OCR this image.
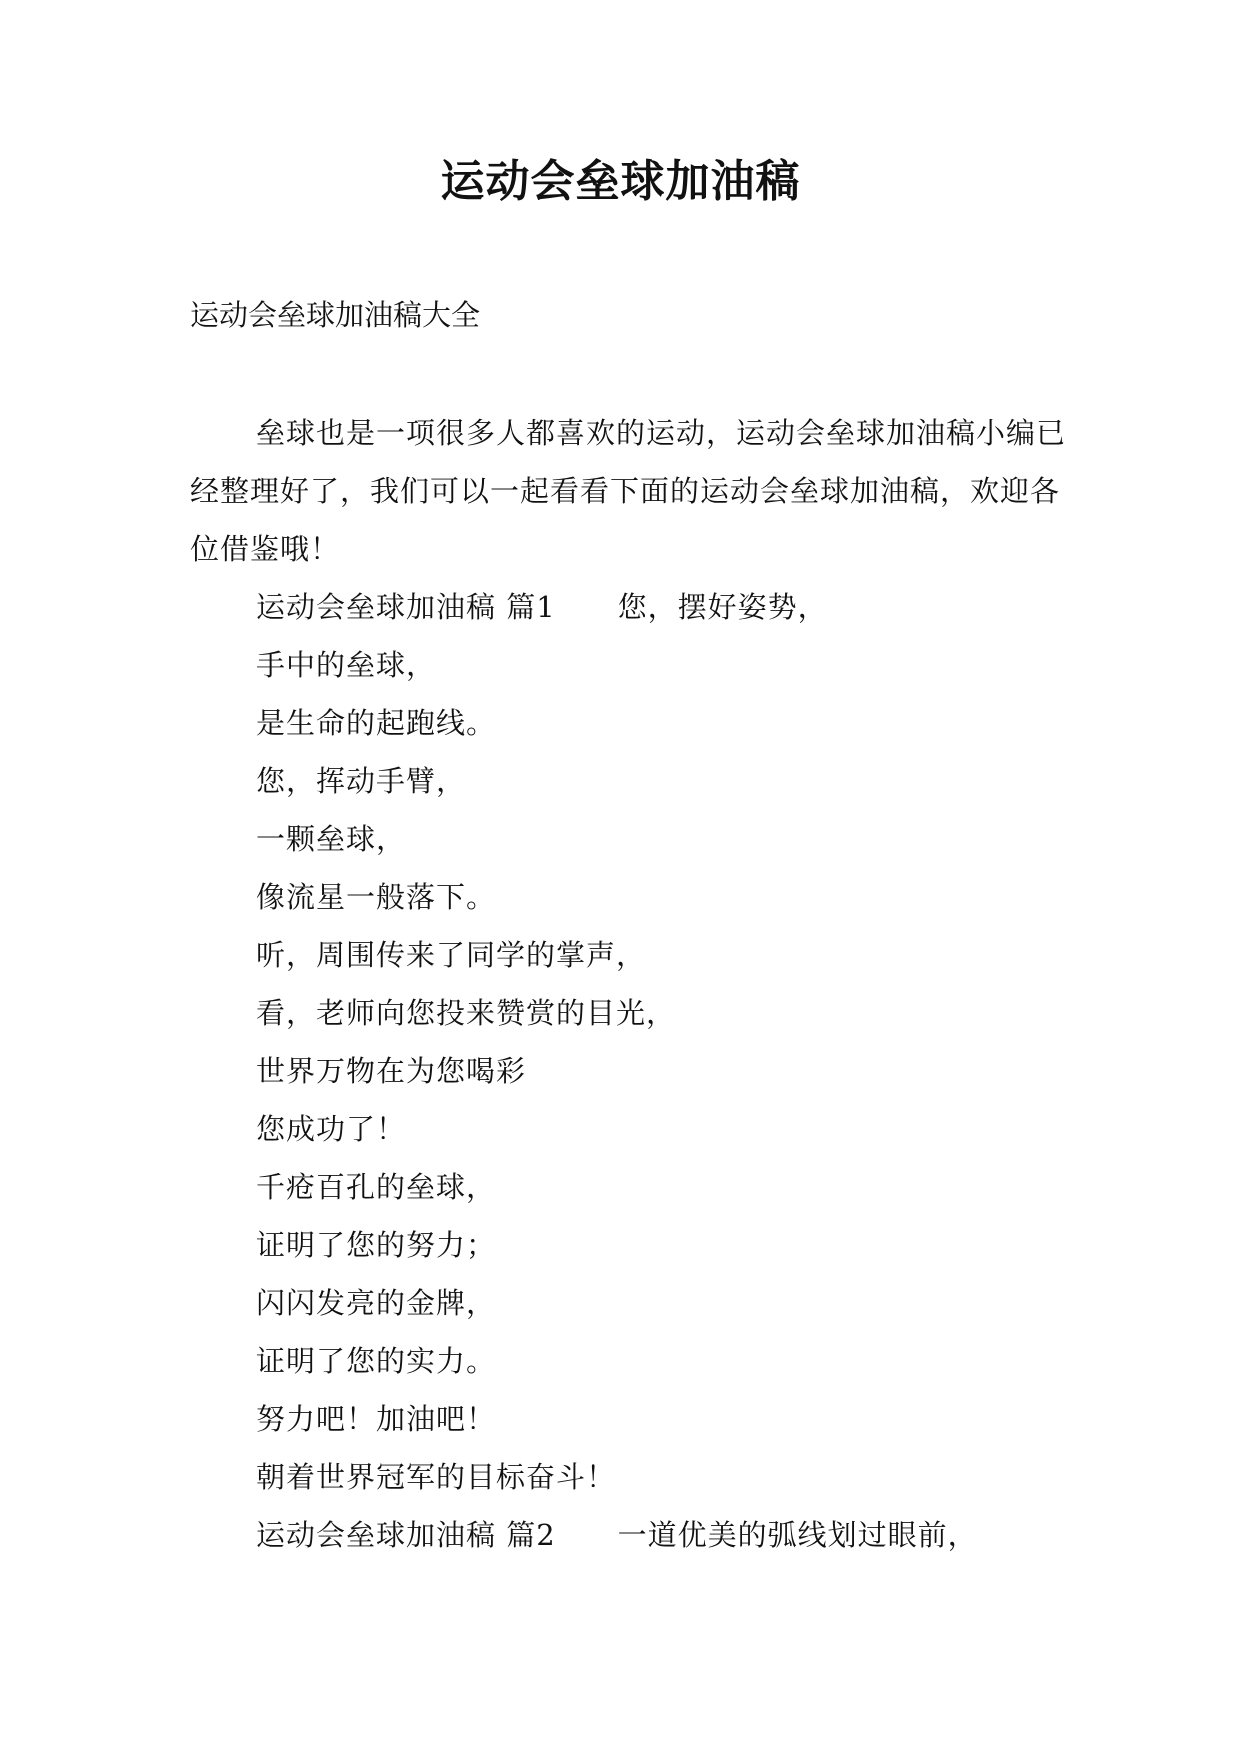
运动会垒球加油稿

运动会垒球加油稿大全

垒球也是一项很多人都喜欢的运动，运动会垒球加油稿小编已经整理好了，我们可以一起看看下面的运动会垒球加油稿，欢迎各位借鉴哦！

运动会垒球加油稿 篇1 您，摆好姿势，
手中的垒球，
是生命的起跑线。
您，挥动手臂，
一颗垒球，
像流星一般落下。
听，周围传来了同学的掌声，
看，老师向您投来赞赏的目光，
世界万物在为您喝彩
您成功了！
千疮百孔的垒球，
证明了您的努力；
闪闪发亮的金牌，
证明了您的实力。
努力吧！加油吧！
朝着世界冠军的目标奋斗！
运动会垒球加油稿 篇2 一道优美的弧线划过眼前，
